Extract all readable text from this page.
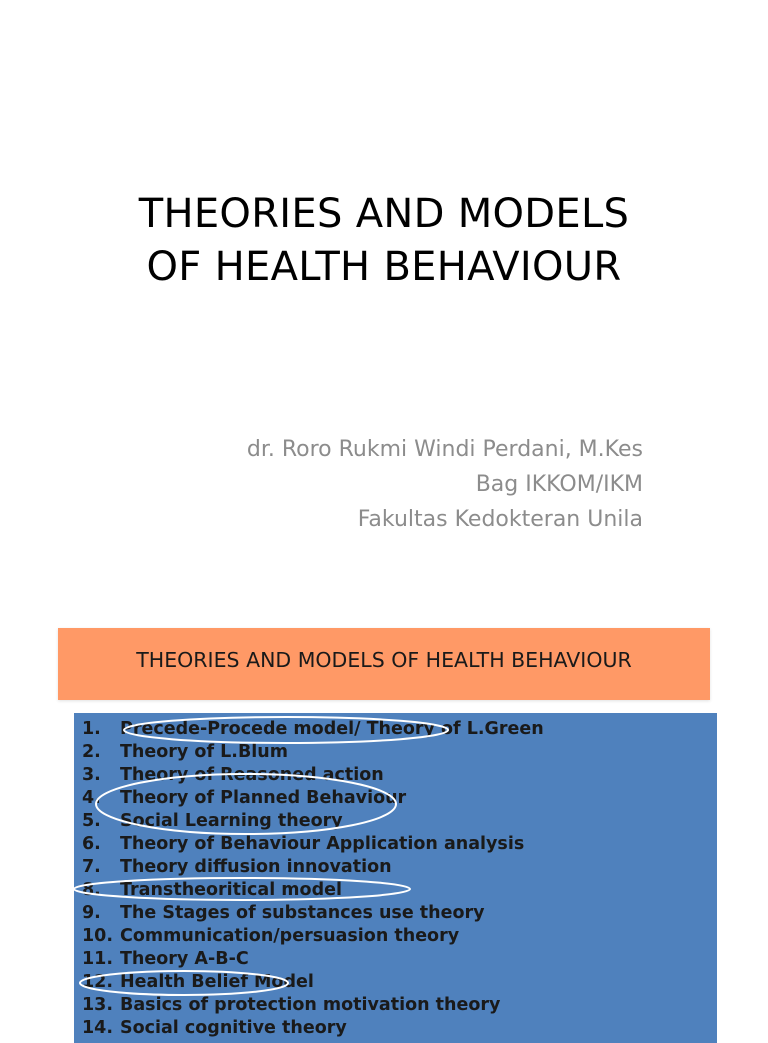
THEORIES AND MODELS
OF HEALTH BEHAVIOUR
dr. Roro Rukmi Windi Perdani, M.Kes
Bag IKKOM/IKM
Fakultas Kedokteran Unila
THEORIES AND MODELS OF HEALTH BEHAVIOUR
1.	Precede-Procede model/ Theory of L.Green
2.	Theory of L.Blum
3.	Theory of Reasoned action
4.	Theory of Planned Behaviour
5.	Social Learning theory
6.	Theory of Behaviour Application analysis
7.	Theory diffusion innovation
8.	Transtheoritical model
9.	The Stages of substances use theory
10. Communication/persuasion theory
11. Theory A-B-C
12. Health Belief Model
13. Basics of protection motivation theory
14. Social cognitive theory
